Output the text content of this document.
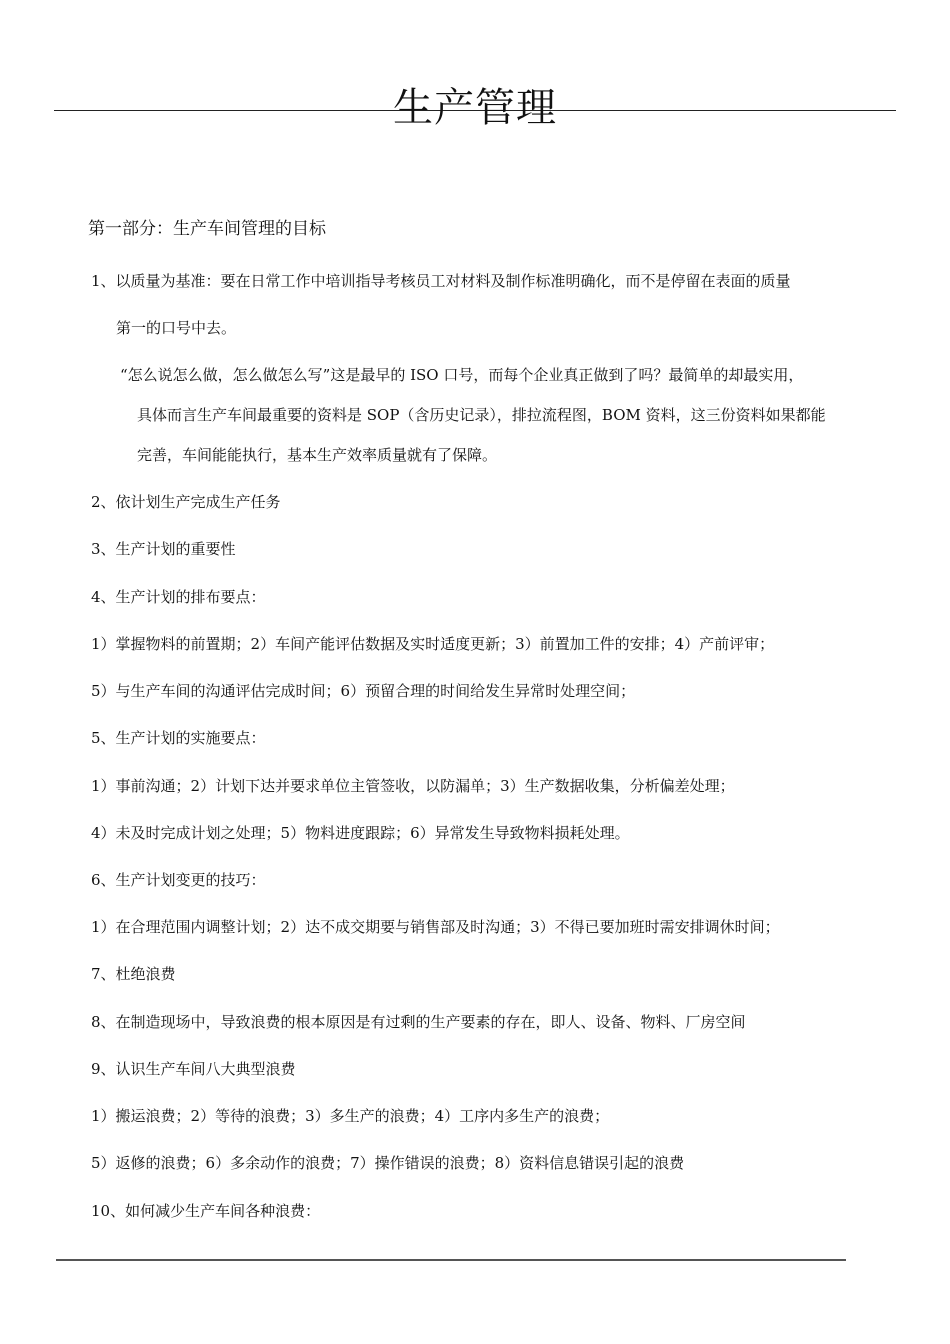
生产管理
第一部分：生产车间管理的目标
1、以质量为基准：要在日常工作中培训指导考核员工对材料及制作标准明确化，而不是停留在表面的质量
第一的口号中去。
“怎么说怎么做，怎么做怎么写”这是最早的 ISO 口号，而每个企业真正做到了吗？最简单的却最实用，
具体而言生产车间最重要的资料是 SOP（含历史记录），排拉流程图，BOM 资料，这三份资料如果都能
完善，车间能能执行，基本生产效率质量就有了保障。
2、依计划生产完成生产任务
3、生产计划的重要性
4、生产计划的排布要点：
1）掌握物料的前置期；2）车间产能评估数据及实时适度更新；3）前置加工件的安排；4）产前评审；
5）与生产车间的沟通评估完成时间；6）预留合理的时间给发生异常时处理空间；
5、生产计划的实施要点：
1）事前沟通；2）计划下达并要求单位主管签收，以防漏单；3）生产数据收集，分析偏差处理；
4）未及时完成计划之处理；5）物料进度跟踪；6）异常发生导致物料损耗处理。
6、生产计划变更的技巧：
1）在合理范围内调整计划；2）达不成交期要与销售部及时沟通；3）不得已要加班时需安排调休时间；
7、杜绝浪费
8、在制造现场中，导致浪费的根本原因是有过剩的生产要素的存在，即人、设备、物料、厂房空间
9、认识生产车间八大典型浪费
1）搬运浪费；2）等待的浪费；3）多生产的浪费；4）工序内多生产的浪费；
5）返修的浪费；6）多余动作的浪费；7）操作错误的浪费；8）资料信息错误引起的浪费
10、如何减少生产车间各种浪费：
